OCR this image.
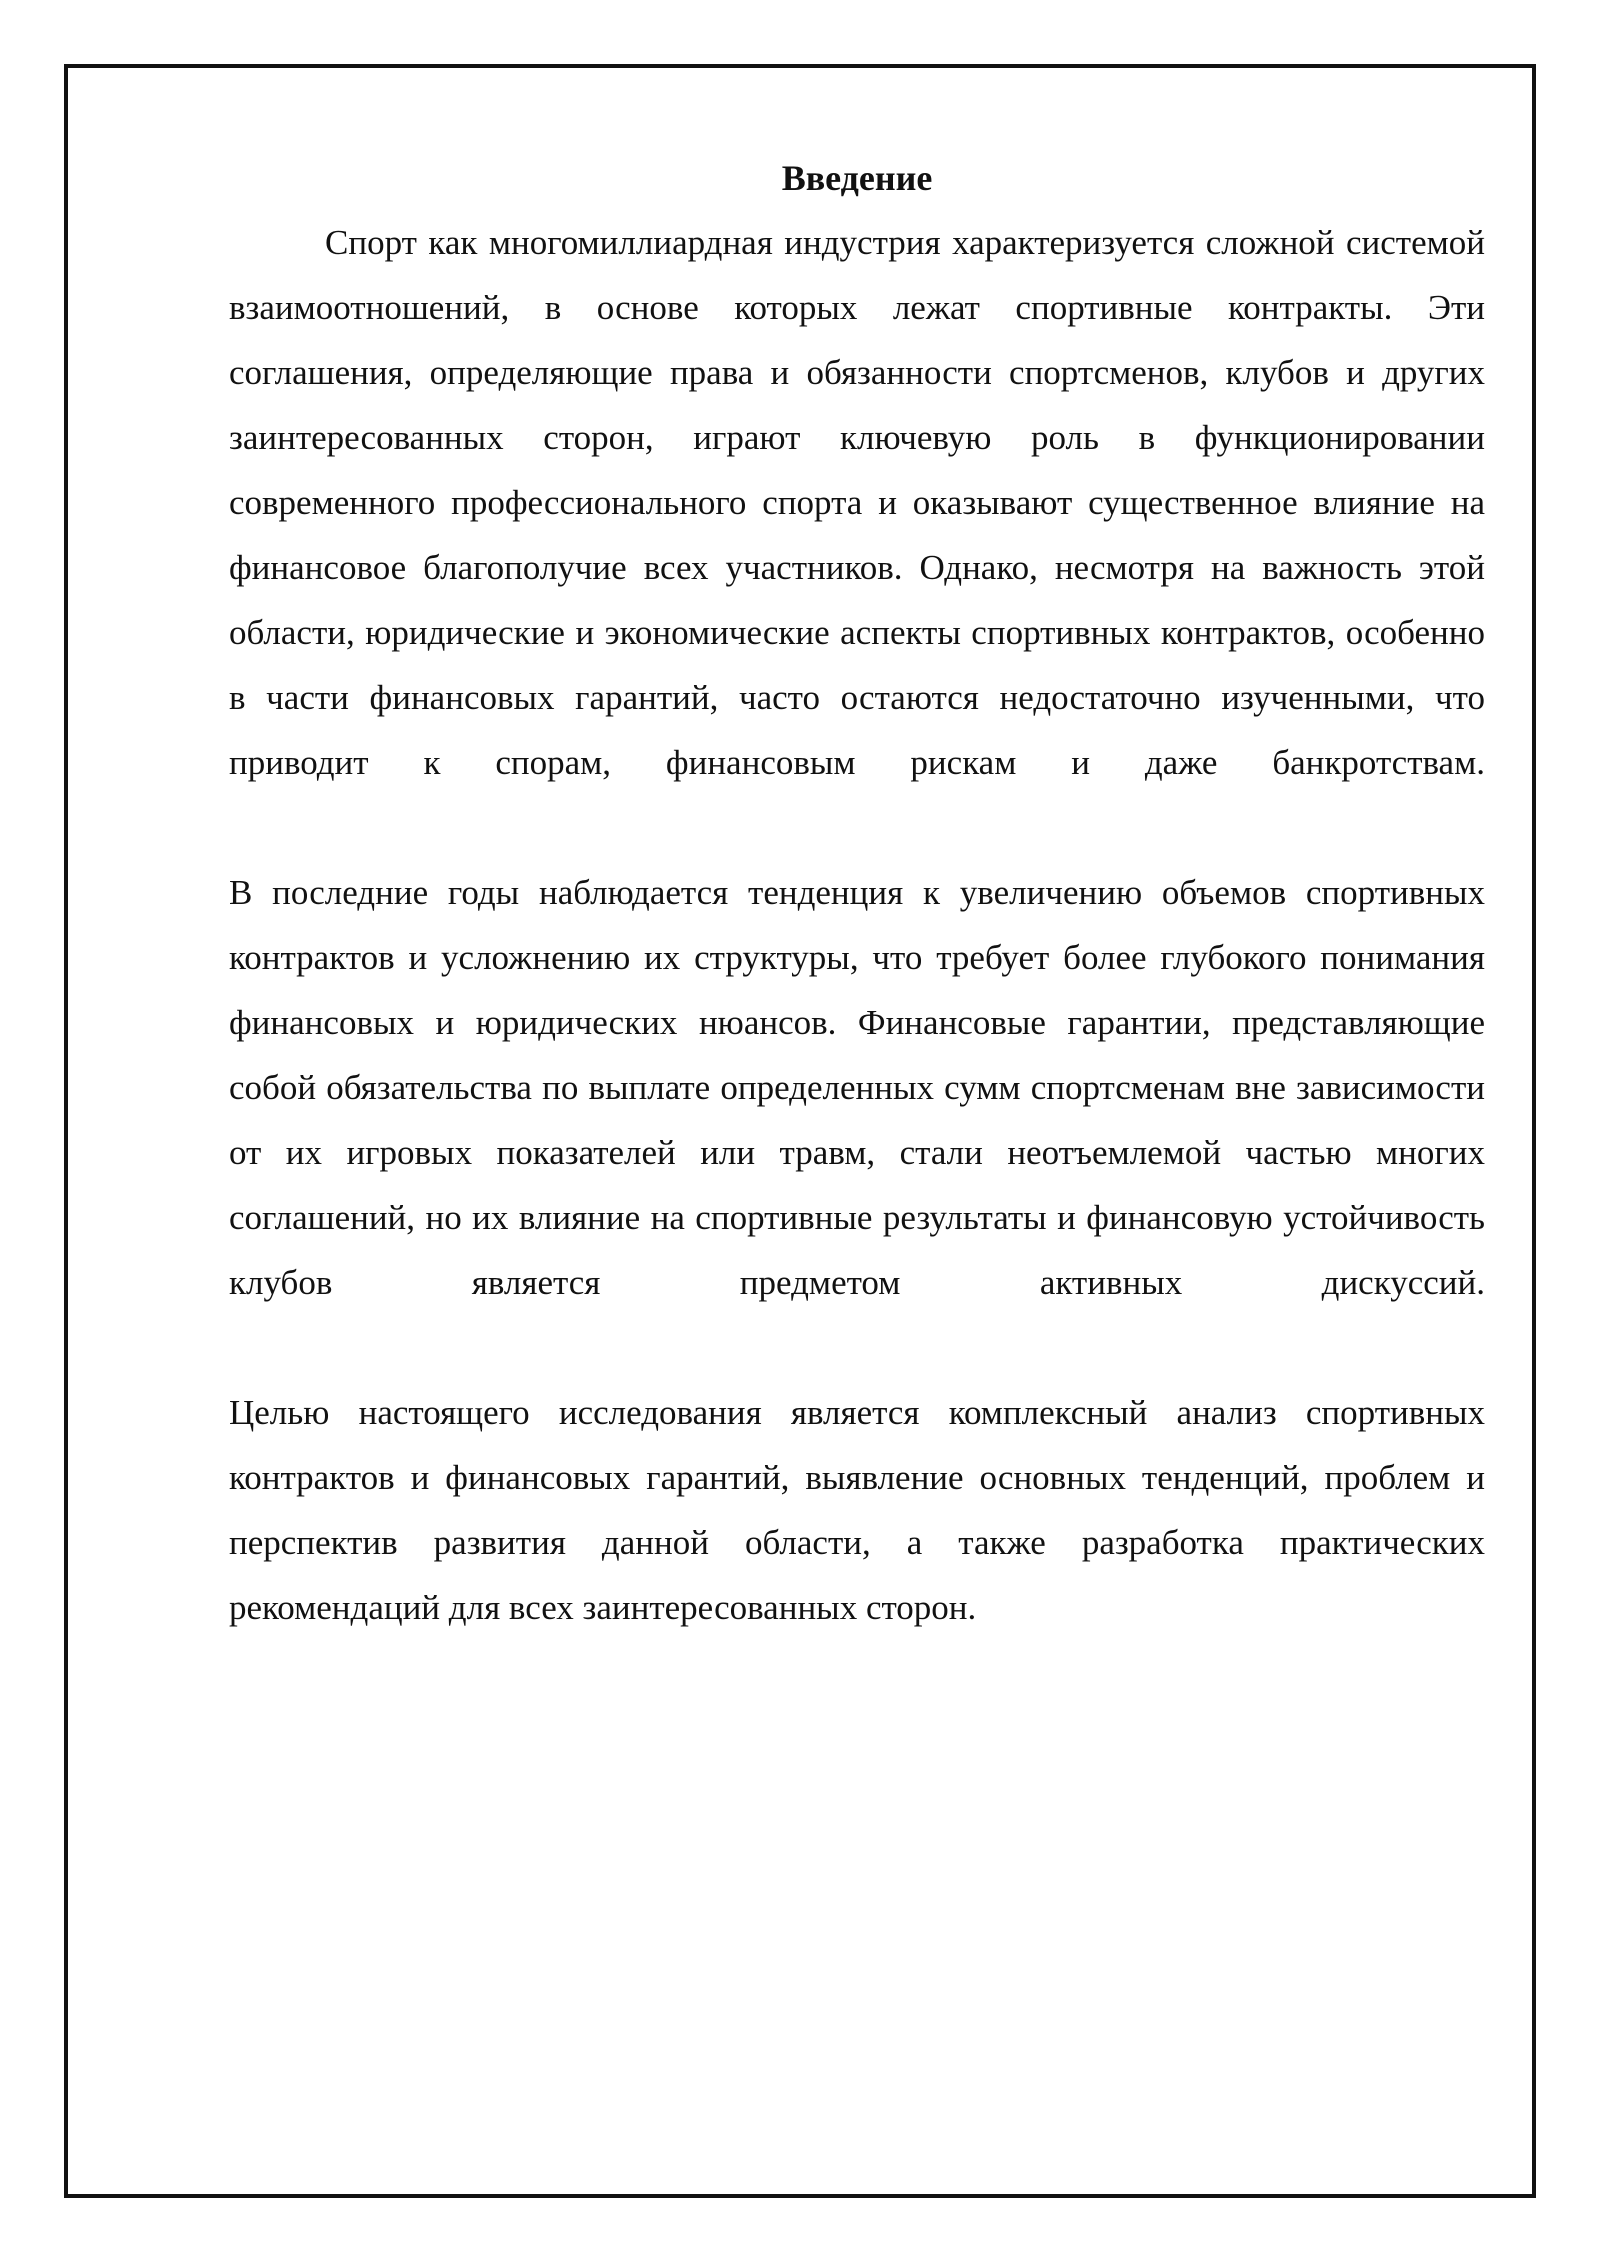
Введение

Спорт как многомиллиардная индустрия характеризуется сложной системой взаимоотношений, в основе которых лежат спортивные контракты. Эти соглашения, определяющие права и обязанности спортсменов, клубов и других заинтересованных сторон, играют ключевую роль в функционировании современного профессионального спорта и оказывают существенное влияние на финансовое благополучие всех участников. Однако, несмотря на важность этой области, юридические и экономические аспекты спортивных контрактов, особенно в части финансовых гарантий, часто остаются недостаточно изученными, что приводит к спорам, финансовым рискам и даже банкротствам.

В последние годы наблюдается тенденция к увеличению объемов спортивных контрактов и усложнению их структуры, что требует более глубокого понимания финансовых и юридических нюансов. Финансовые гарантии, представляющие собой обязательства по выплате определенных сумм спортсменам вне зависимости от их игровых показателей или травм, стали неотъемлемой частью многих соглашений, но их влияние на спортивные результаты и финансовую устойчивость клубов является предметом активных дискуссий.

Целью настоящего исследования является комплексный анализ спортивных контрактов и финансовых гарантий, выявление основных тенденций, проблем и перспектив развития данной области, а также разработка практических рекомендаций для всех заинтересованных сторон.
